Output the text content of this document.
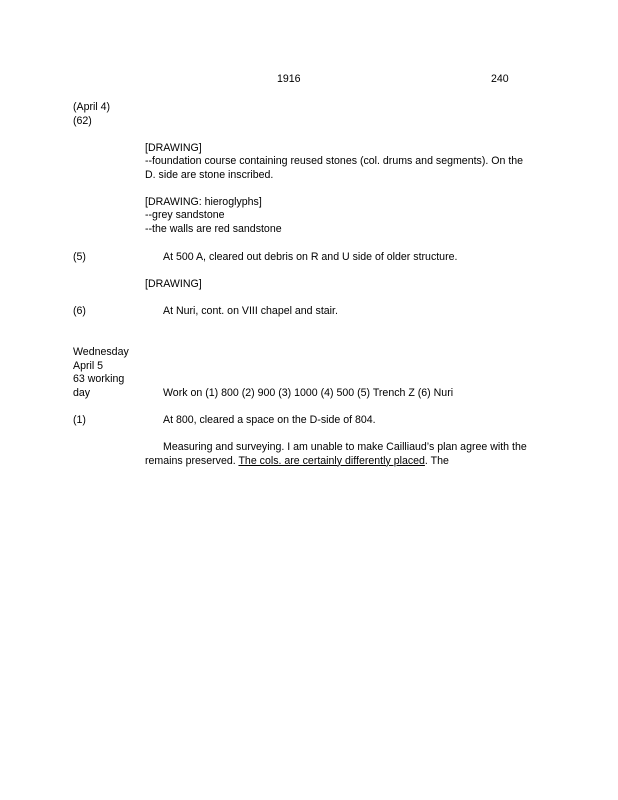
1916	240
(April 4)
(62)
[DRAWING]
--foundation course containing reused stones (col. drums and segments). On the D. side are stone inscribed.
[DRAWING: hieroglyphs]
--grey sandstone
--the walls are red sandstone
(5)	At 500 A, cleared out debris on R and U side of older structure.
[DRAWING]
(6)	At Nuri, cont. on VIII chapel and stair.
Wednesday
April 5
63 working
day	Work on (1) 800 (2) 900 (3) 1000 (4) 500 (5) Trench Z (6) Nuri
(1)	At 800, cleared a space on the D-side of 804.
Measuring and surveying. I am unable to make Cailliaud’s plan agree with the remains preserved. The cols. are certainly differently placed. The
